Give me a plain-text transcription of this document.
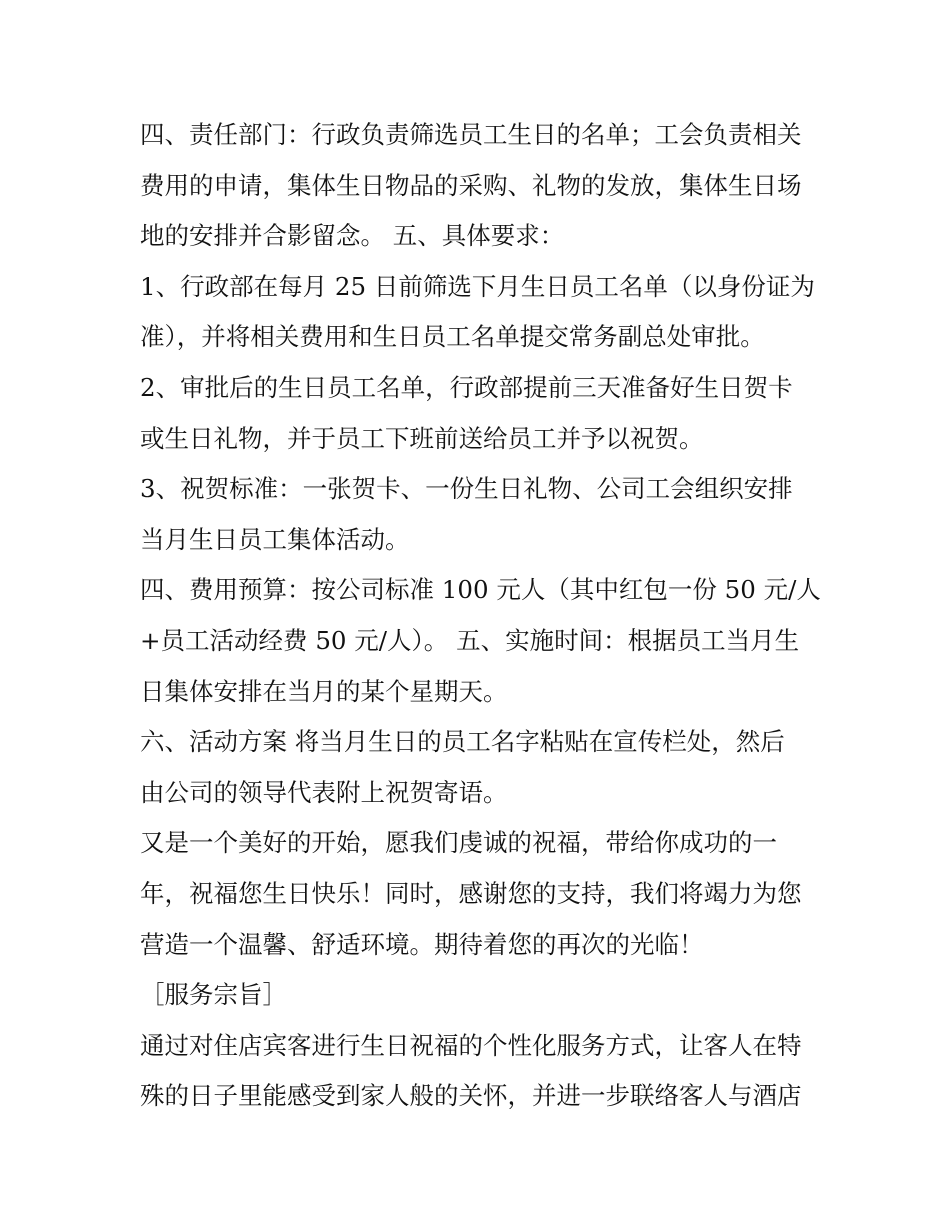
四、责任部门：行政负责筛选员工生日的名单；工会负责相关
费用的申请，集体生日物品的采购、礼物的发放，集体生日场
地的安排并合影留念。 五、具体要求：
1、行政部在每月 25 日前筛选下月生日员工名单（以身份证为
准），并将相关费用和生日员工名单提交常务副总处审批。
2、审批后的生日员工名单，行政部提前三天准备好生日贺卡
或生日礼物，并于员工下班前送给员工并予以祝贺。
3、祝贺标准：一张贺卡、一份生日礼物、公司工会组织安排
当月生日员工集体活动。
四、费用预算：按公司标准 100 元人（其中红包一份 50 元/人
+员工活动经费 50 元/人）。 五、实施时间：根据员工当月生
日集体安排在当月的某个星期天。
六、活动方案 将当月生日的员工名字粘贴在宣传栏处，然后
由公司的领导代表附上祝贺寄语。
又是一个美好的开始，愿我们虔诚的祝福，带给你成功的一
年，祝福您生日快乐！同时，感谢您的支持，我们将竭力为您
营造一个温馨、舒适环境。期待着您的再次的光临！
［服务宗旨］
通过对住店宾客进行生日祝福的个性化服务方式，让客人在特
殊的日子里能感受到家人般的关怀，并进一步联络客人与酒店
